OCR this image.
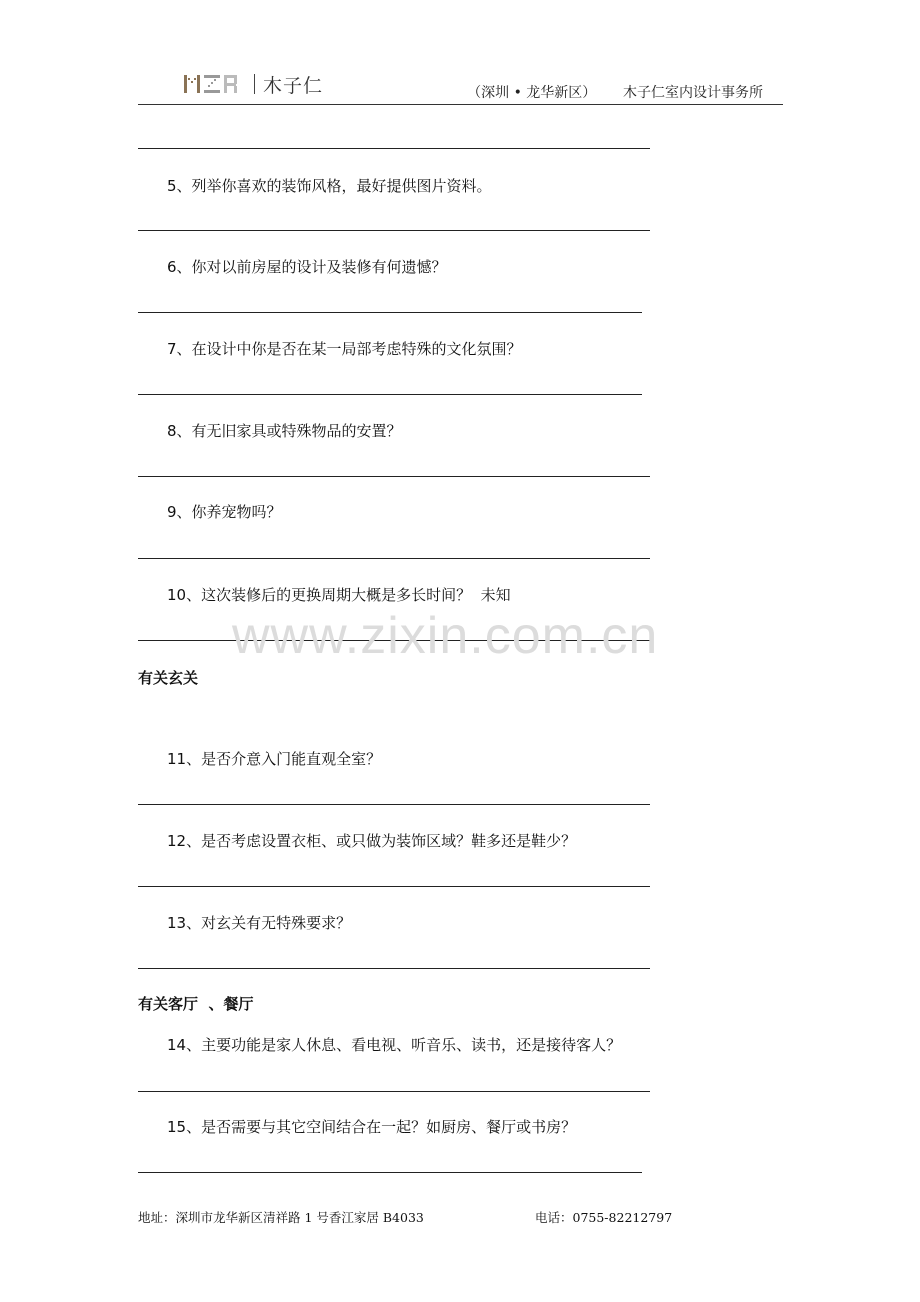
木子仁	（深圳 • 龙华新区） 木子仁室内设计事务所
5、列举你喜欢的装饰风格，最好提供图片资料。
6、你对以前房屋的设计及装修有何遗憾？
7、在设计中你是否在某一局部考虑特殊的文化氛围？
8、有无旧家具或特殊物品的安置？
9、你养宠物吗？
10、这次装修后的更换周期大概是多长时间？  未知
有关玄关
11、是否介意入门能直观全室？
12、是否考虑设置衣柜、或只做为装饰区域？鞋多还是鞋少？
13、对玄关有无特殊要求？
有关客厅  、餐厅
14、主要功能是家人休息、看电视、听音乐、读书，还是接待客人？
15、是否需要与其它空间结合在一起？如厨房、餐厅或书房？
www.zixin.com.cn
地址：深圳市龙华新区清祥路 1 号香江家居 B4033	电话：0755-82212797
